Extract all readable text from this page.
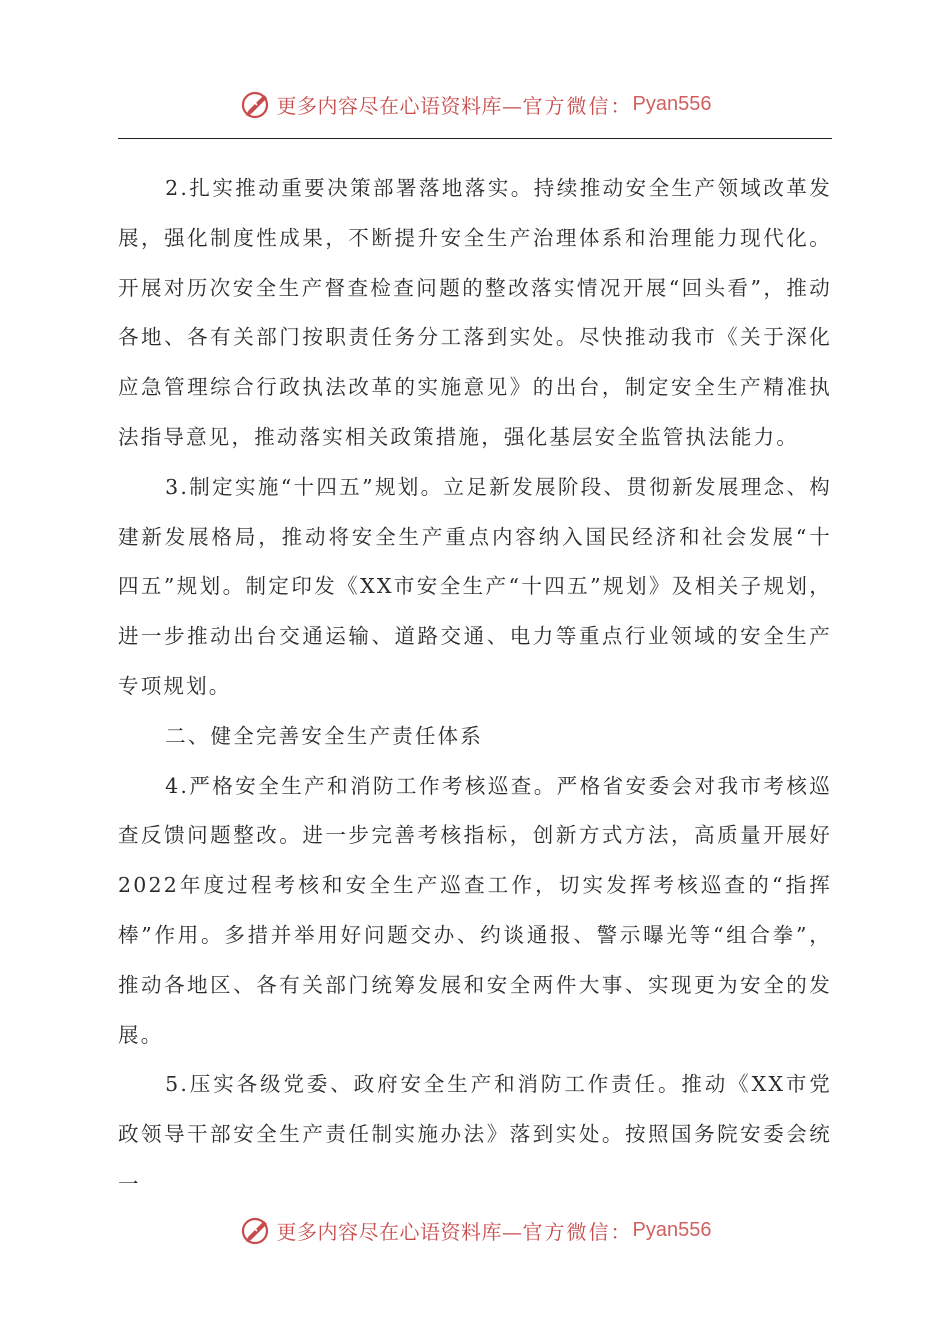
更多内容尽在心语资料库— 官方微信： Pyan556

2.扎实推动重要决策部署落地落实。持续推动安全生产领域改革发展，强化制度性成果，不断提升安全生产治理体系和治理能力现代化。开展对历次安全生产督查检查问题的整改落实情况开展“回头看”，推动各地、各有关部门按职责任务分工落到实处。尽快推动我市《关于深化应急管理综合行政执法改革的实施意见》的出台，制定安全生产精准执法指导意见，推动落实相关政策措施，强化基层安全监管执法能力。

3.制定实施“十四五”规划。立足新发展阶段、贯彻新发展理念、构建新发展格局，推动将安全生产重点内容纳入国民经济和社会发展“十四五”规划。制定印发《XX市安全生产“十四五”规划》及相关子规划，进一步推动出台交通运输、道路交通、电力等重点行业领域的安全生产专项规划。

二、健全完善安全生产责任体系

4.严格安全生产和消防工作考核巡查。严格省安委会对我市考核巡查反馈问题整改。进一步完善考核指标，创新方式方法，高质量开展好2022年度过程考核和安全生产巡查工作，切实发挥考核巡查的“指挥棒”作用。多措并举用好问题交办、约谈通报、警示曝光等“组合拳”，推动各地区、各有关部门统筹发展和安全两件大事、实现更为安全的发展。

5.压实各级党委、政府安全生产和消防工作责任。推动《XX市党政领导干部安全生产责任制实施办法》落到实处。按照国务院安委会统一

更多内容尽在心语资料库— 官方微信： Pyan556
